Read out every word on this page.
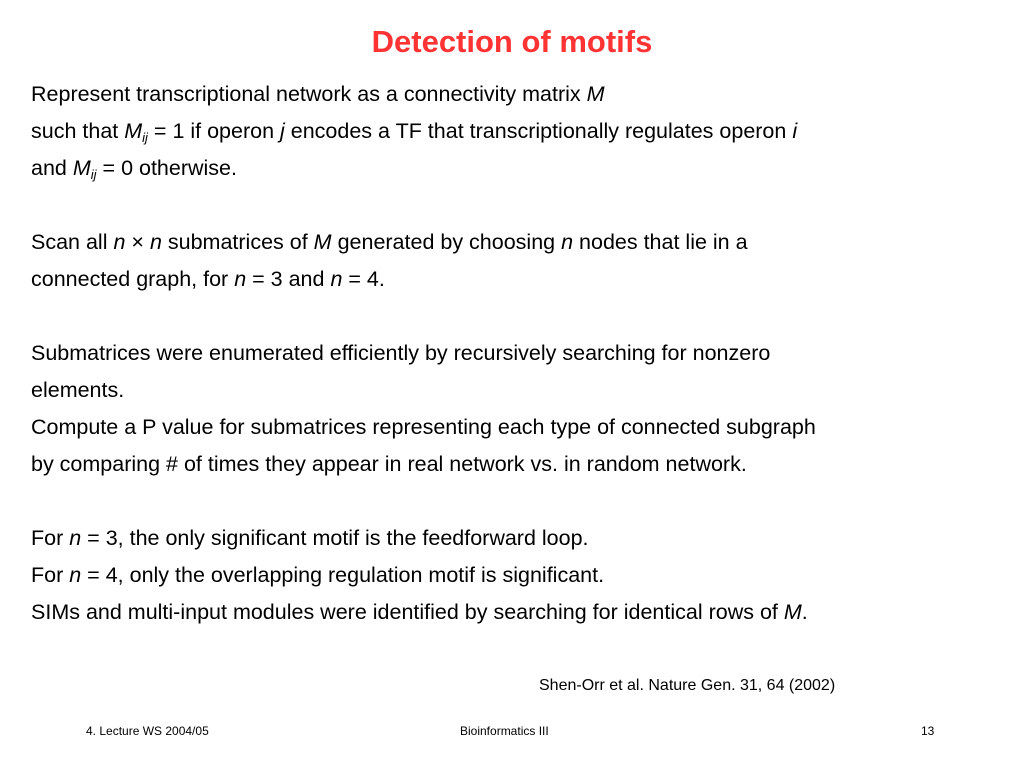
Detection of motifs
Represent transcriptional network as a connectivity matrix M
such that $M_{ij} = 1$ if operon j encodes a TF that transcriptionally regulates operon i
and $M_{ij} = 0$ otherwise.
Scan all n × n submatrices of M generated by choosing n nodes that lie in a
connected graph, for n = 3 and n = 4.
Submatrices were enumerated efficiently by recursively searching for nonzero
elements.
Compute a P value for submatrices representing each type of connected subgraph
by comparing # of times they appear in real network vs. in random network.
For n = 3, the only significant motif is the feedforward loop.
For n = 4, only the overlapping regulation motif is significant.
SIMs and multi-input modules were identified by searching for identical rows of M.
Shen-Orr et al. Nature Gen. 31, 64 (2002)
4. Lecture WS 2004/05	Bioinformatics III	13
